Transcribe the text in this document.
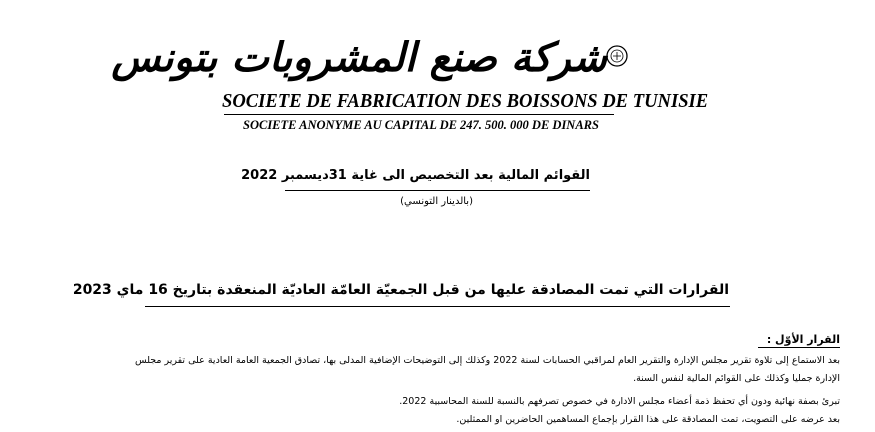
شركة صنع المشروبات بتونس
SOCIETE DE FABRICATION DES BOISSONS DE TUNISIE
SOCIETE ANONYME AU CAPITAL DE 247. 500. 000 DE DINARS
القوائم المالية بعد التخصيص الى غاية 31ديسمبر 2022
(بالدينار التونسي)
القرارات التي تمت المصادقة عليها من قبل الجمعيّة العامّة العاديّة المنعقدة بتاريخ 16 ماي 2023
القرار الأوّل :
بعد الاستماع إلى تلاوة تقرير مجلس الإدارة والتقرير العام لمراقبي الحسابات لسنة 2022 وكذلك إلى التوضيحات الإضافية المدلى بها، تصادق الجمعية العامة العادية على تقرير مجلس
الإدارة جمليا وكذلك على القوائم المالية لنفس السنة.
تبرئ بصفة نهائية ودون أي تحفظ ذمة أعضاء مجلس الادارة في خصوص تصرفهم بالنسبة للسنة المحاسبية 2022.
بعد عرضه على التصويت، تمت المصادقة على هذا القرار بإجماع المساهمين الحاضرين او الممثلين.
